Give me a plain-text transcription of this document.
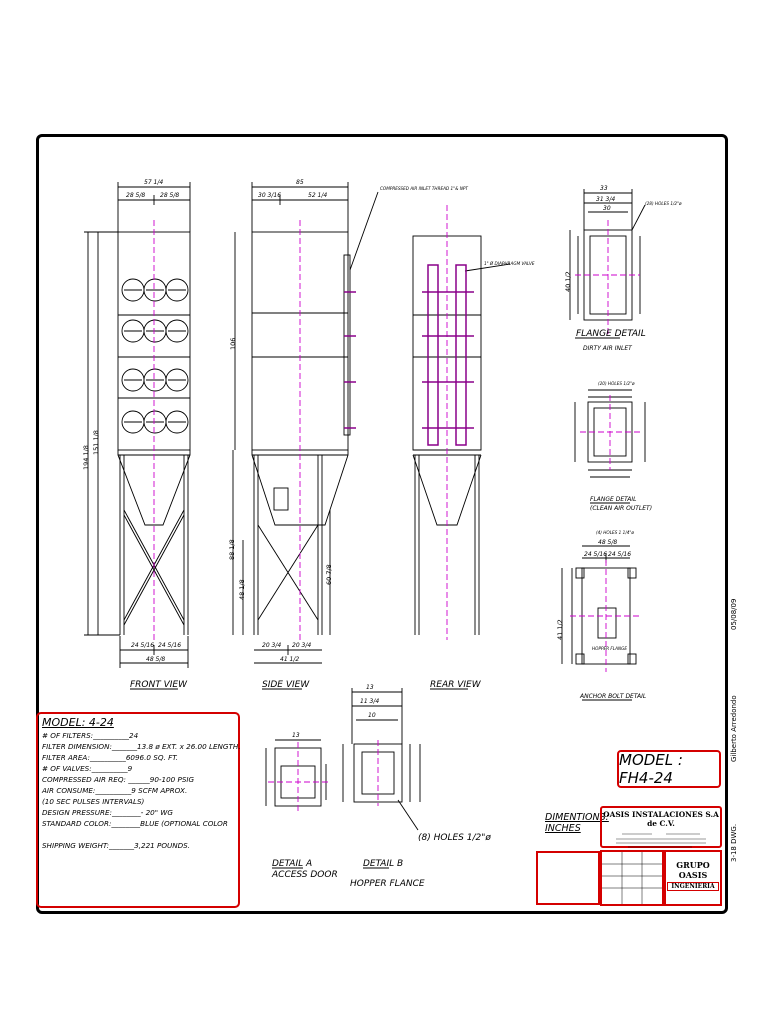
57 1/4
28 5/8 28 5/8
24 5/16 24 5/16
48 5/8
85
30 3/16	52 1/4
20 3/4 20 3/4
41 1/2
33
31 3/4
30
48 5/8
24 5/16 24 5/16
13
11 3/4
10
13
COMPRESSED AIR INLET THREAD 1"& NPT
1" Ø DIAPHRAGM VALVE
(28) HOLES 1/2"ø
(20) HOLES 1/2"ø
(4) HOLES 1 1/4"ø
HOPPER FLANGE
FRONT VIEW	SIDE VIEW	REAR VIEW
FLANGE DETAIL
DETAIL A
ACCESS DOOR
DETAIL B
HOPPER FLANCE
(8) HOLES 1/2"ø
DIRTY AIR INLET
FLANGE DETAIL
(CLEAN AIR OUTLET)
ANCHOR BOLT DETAIL
194 1/8
151 1/8
106
88 1/8
48 1/8
60 7/8
40 1/2
41 1/2
Gilberto Arredondo
05/08/09
3-18 DWG.
MODEL: 4-24
# OF FILTERS:__________24
FILTER DIMENSION:_______13.8 ø EXT. x 26.00 LENGTH.
FILTER AREA:__________6096.0 SQ. FT.
# OF VALVES:__________9
COMPRESSED AIR REQ: ______90-100 PSIG
AIR CONSUME:__________9 SCFM APROX.
(10 SEC PULSES INTERVALS)
DESIGN PRESSURE:________- 20" WG
STANDARD COLOR:________BLUE (OPTIONAL COLOR

SHIPPING WEIGHT:_______3,221 POUNDS.
MODEL : FH4-24
DIMENTIONS:
INCHES
OASIS INSTALACIONES S.A de C.V.
GRUPO OASIS
INGENIERIA
